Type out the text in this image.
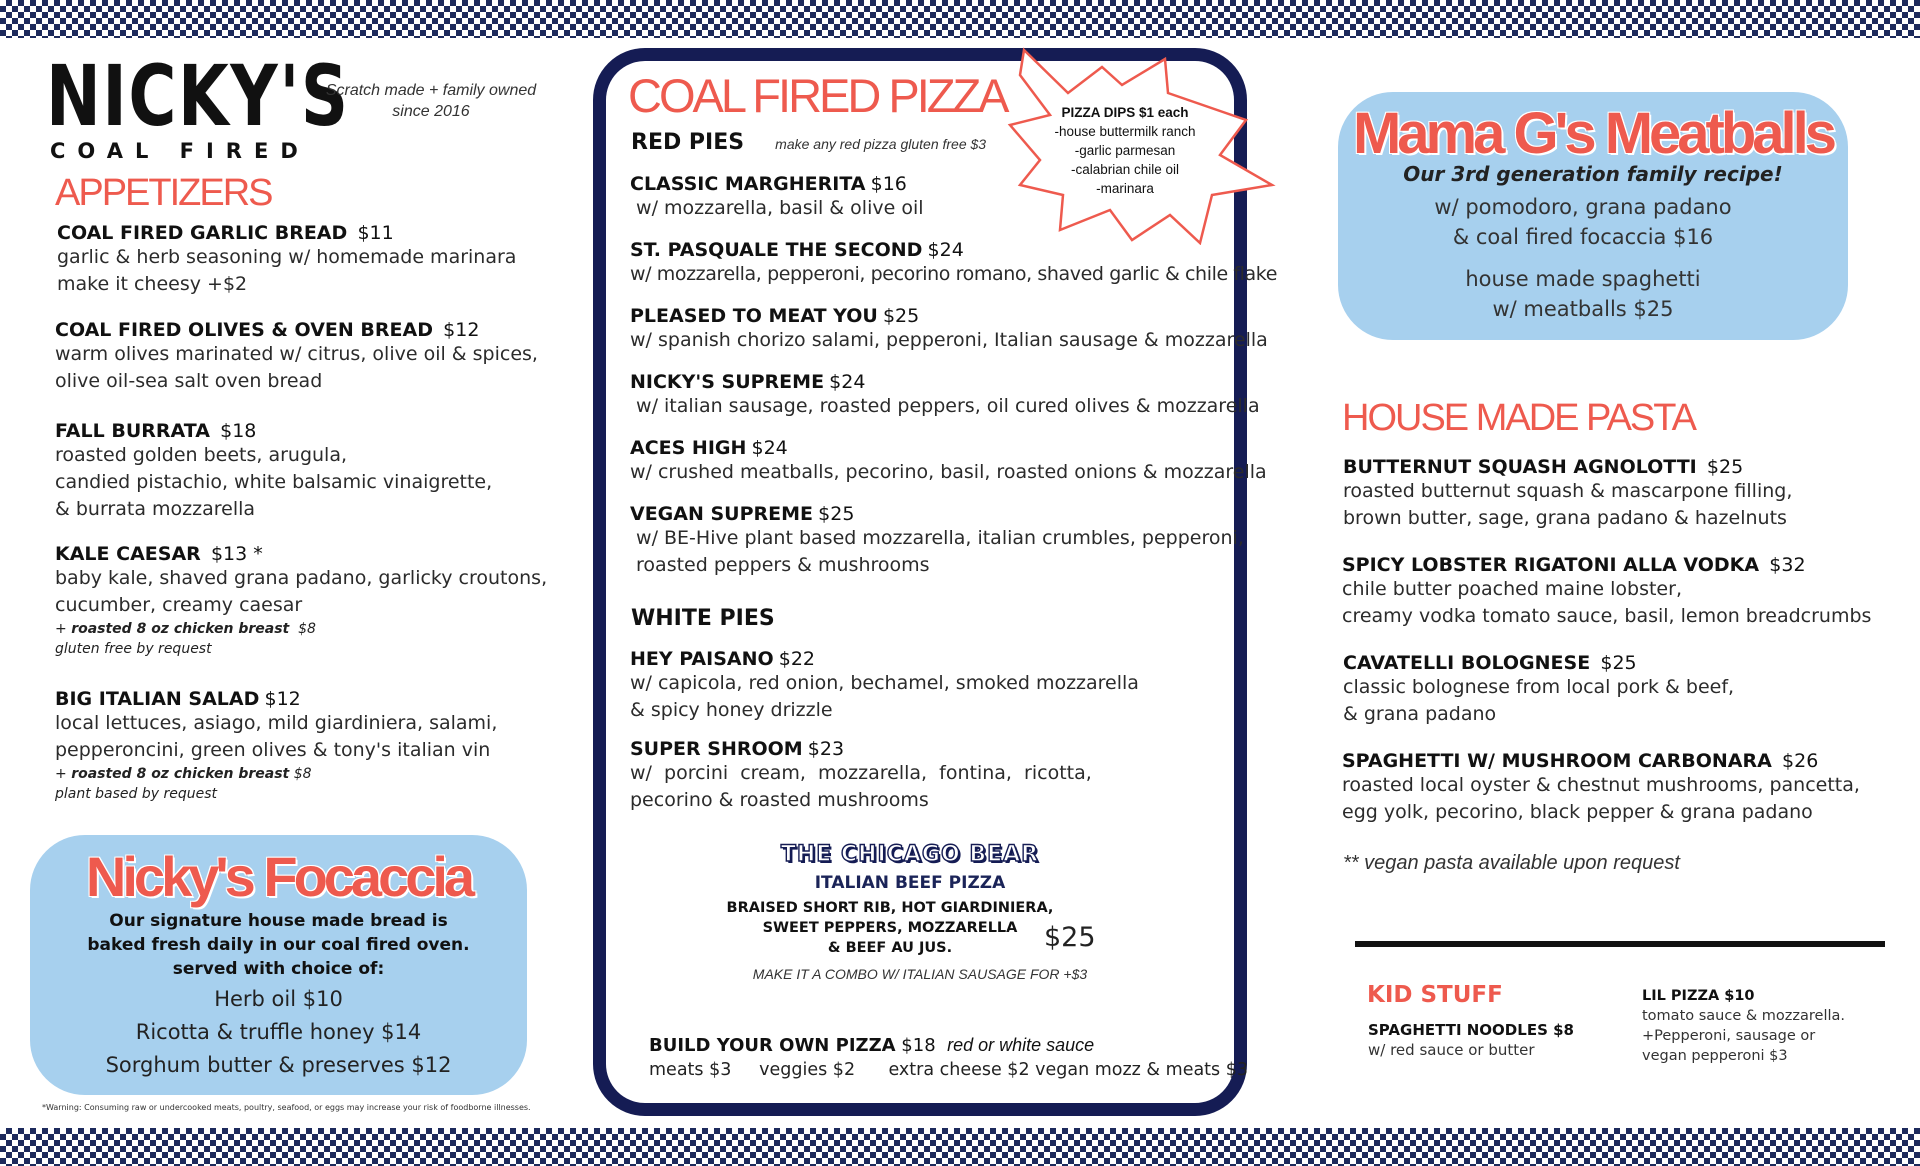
NICKY'S
COAL FIRED
Scratch made + family owned
since 2016
APPETIZERS
COAL FIRED GARLIC BREAD $11
garlic & herb seasoning w/ homemade marinara
make it cheesy +$2
COAL FIRED OLIVES & OVEN BREAD $12
warm olives marinated w/ citrus, olive oil & spices,
olive oil-sea salt oven bread
FALL BURRATA $18
roasted golden beets, arugula,
candied pistachio, white balsamic vinaigrette,
& burrata mozzarella
KALE CAESAR $13 *
baby kale, shaved grana padano, garlicky croutons,
cucumber, creamy caesar
+ roasted 8 oz chicken breast $8
gluten free by request
BIG ITALIAN SALAD $12
local lettuces, asiago, mild giardiniera, salami,
pepperoncini, green olives & tony's italian vin
+ roasted 8 oz chicken breast $8
plant based by request
Nicky's Focaccia
Our signature house made bread is
baked fresh daily in our coal fired oven.
served with choice of:
Herb oil $10
Ricotta & truffle honey $14
Sorghum butter & preserves $12
*Warning: Consuming raw or undercooked meats, poultry, seafood, or eggs may increase your risk of foodborne illnesses.
COAL FIRED PIZZA
RED PIES make any red pizza gluten free $3
PIZZA DIPS $1 each
-house buttermilk ranch
-garlic parmesan
-calabrian chile oil
-marinara
CLASSIC MARGHERITA $16
w/ mozzarella, basil & olive oil
ST. PASQUALE THE SECOND $24
w/ mozzarella, pepperoni, pecorino romano, shaved garlic & chile flake
PLEASED TO MEAT YOU $25
w/ spanish chorizo salami, pepperoni, Italian sausage & mozzarella
NICKY'S SUPREME $24
w/ italian sausage, roasted peppers, oil cured olives & mozzarella
ACES HIGH $24
w/ crushed meatballs, pecorino, basil, roasted onions & mozzarella
VEGAN SUPREME $25
w/ BE-Hive plant based mozzarella, italian crumbles, pepperoni,
roasted peppers & mushrooms
WHITE PIES
HEY PAISANO $22
w/ capicola, red onion, bechamel, smoked mozzarella
& spicy honey drizzle
SUPER SHROOM $23
w/  porcini  cream,  mozzarella,  fontina,  ricotta,
pecorino & roasted mushrooms
THE CHICAGO BEAR
ITALIAN BEEF PIZZA
BRAISED SHORT RIB, HOT GIARDINIERA,
SWEET PEPPERS, MOZZARELLA
& BEEF AU JUS.	$25
MAKE IT A COMBO W/ ITALIAN SAUSAGE FOR +$3
BUILD YOUR OWN PIZZA $18 red or white sauce
meats $3     veggies $2      extra cheese $2 vegan mozz & meats $3
Mama G's Meatballs
Our 3rd generation family recipe!
w/ pomodoro, grana padano
& coal fired focaccia $16
house made spaghetti
w/ meatballs $25
HOUSE MADE PASTA
BUTTERNUT SQUASH AGNOLOTTI $25
roasted butternut squash & mascarpone filling,
brown butter, sage, grana padano & hazelnuts
SPICY LOBSTER RIGATONI ALLA VODKA $32
chile butter poached maine lobster,
creamy vodka tomato sauce, basil, lemon breadcrumbs
CAVATELLI BOLOGNESE $25
classic bolognese from local pork & beef,
& grana padano
SPAGHETTI W/ MUSHROOM CARBONARA $26
roasted local oyster & chestnut mushrooms, pancetta,
egg yolk, pecorino, black pepper & grana padano
** vegan pasta available upon request
KID STUFF
SPAGHETTI NOODLES $8
w/ red sauce or butter
LIL PIZZA $10
tomato sauce & mozzarella.
+Pepperoni, sausage or
vegan pepperoni $3
